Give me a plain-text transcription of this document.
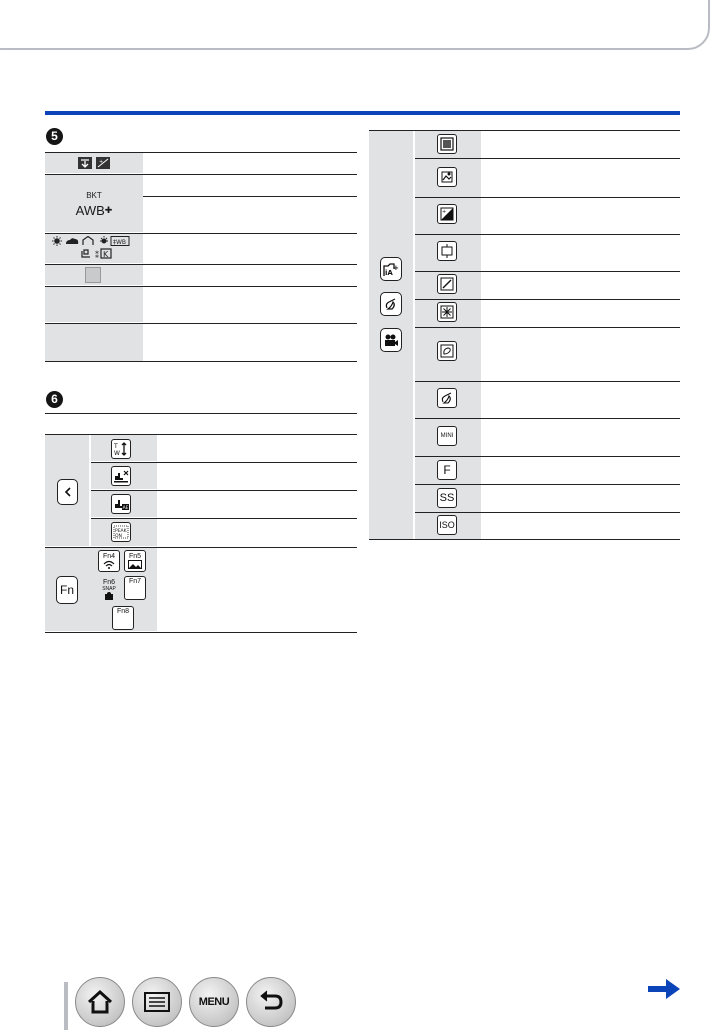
5
+
BKT
AWB ✚
‡WB
⁑ K
6
T
W
AE
PEAK
ON
Fn
Fn4 Fn5
Fn6
SNAP
Fn7
Fn8
iA
+
+
MINI
F
SS
ISO
MENU
